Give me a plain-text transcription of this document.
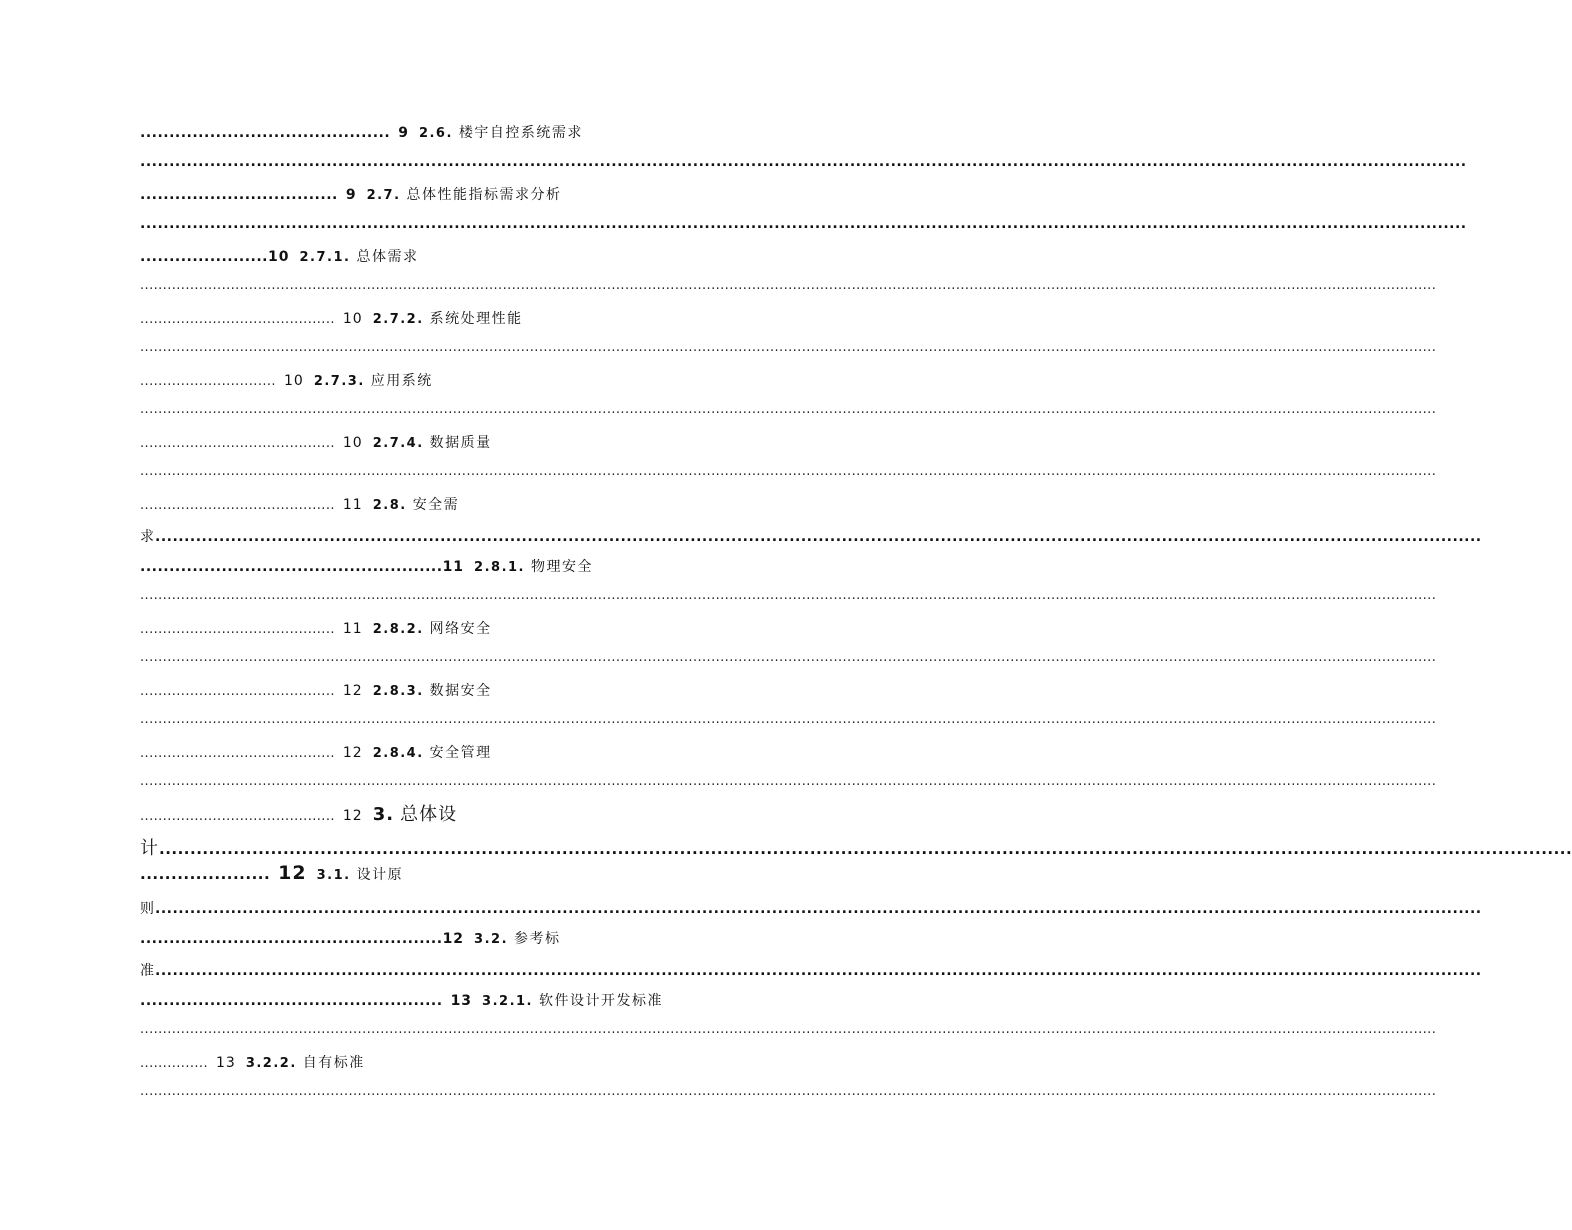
........................................... 9 2.6. 楼宇自控系统需求
....................................................................................................................................................................................................................................
.................................. 9 2.7. 总体性能指标需求分析
....................................................................................................................................................................................................................................
...................... 10 2.7.1. 总体需求
..............................................................................................................................................................................................................................................................................................
........................................... 10 2.7.2. 系统处理性能
..............................................................................................................................................................................................................................................................................................
.............................. 10 2.7.3. 应用系统
..............................................................................................................................................................................................................................................................................................
........................................... 10 2.7.4. 数据质量
..............................................................................................................................................................................................................................................................................................
........................................... 11 2.8. 安全需
求 ....................................................................................................................................................................................................................................
.................................................... 11 2.8.1. 物理安全
..............................................................................................................................................................................................................................................................................................
........................................... 11 2.8.2. 网络安全
..............................................................................................................................................................................................................................................................................................
........................................... 12 2.8.3. 数据安全
..............................................................................................................................................................................................................................................................................................
........................................... 12 2.8.4. 安全管理
..............................................................................................................................................................................................................................................................................................
........................................... 12 3. 总体设
计 ....................................................................................................................................................................................................................................
..................... 12 3.1. 设计原
则 ....................................................................................................................................................................................................................................
.................................................... 12 3.2. 参考标
准 ....................................................................................................................................................................................................................................
.................................................... 13 3.2.1. 软件设计开发标准
..............................................................................................................................................................................................................................................................................................
............... 13 3.2.2. 自有标准
..............................................................................................................................................................................................................................................................................................
